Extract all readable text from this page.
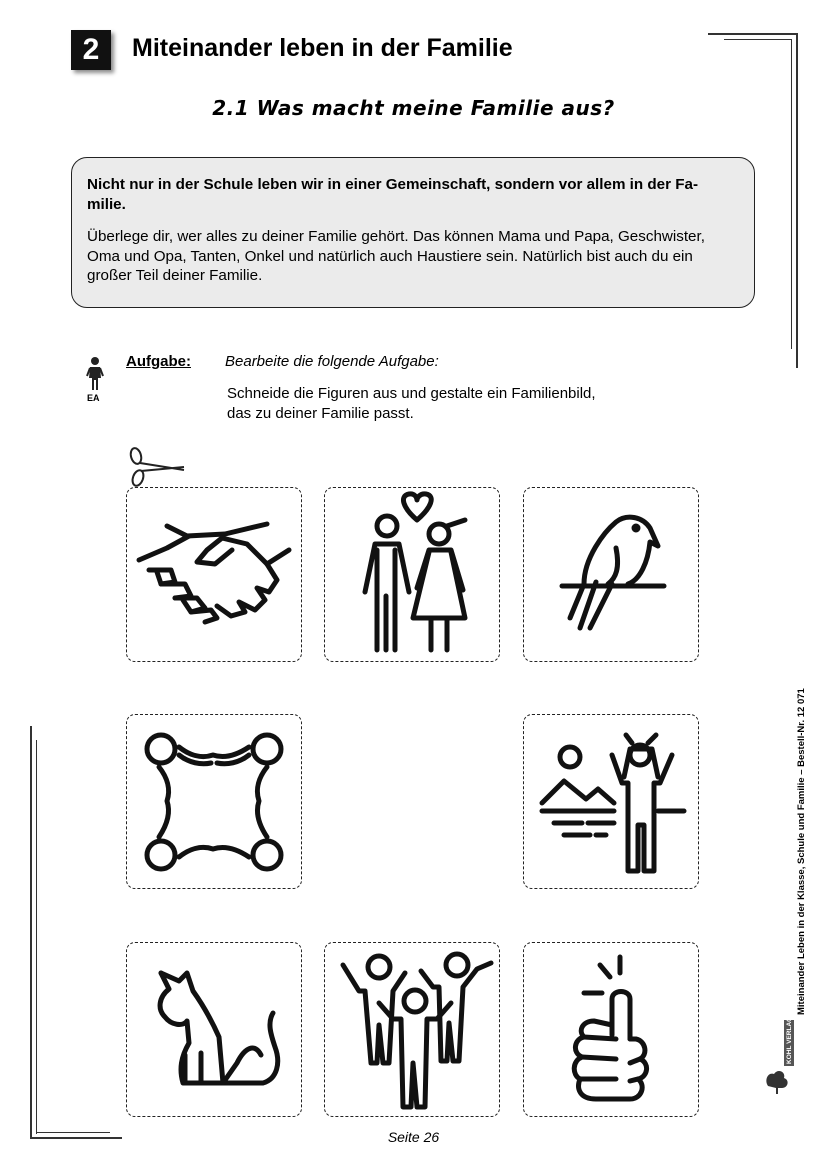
2	Miteinander leben in der Familie
2.1 Was macht meine Familie aus?

Nicht nur in der Schule leben wir in einer Gemeinschaft, sondern vor allem in der Fa-
milie.

Überlege dir, wer alles zu deiner Familie gehört. Das können Mama und Papa, Geschwister, Oma und Opa, Tanten, Onkel und natürlich auch Haustiere sein. Natürlich bist auch du ein großer Teil deiner Familie.

EA
Aufgabe: Bearbeite die folgende Aufgabe:
Schneide die Figuren aus und gestalte ein Familienbild,
das zu deiner Familie passt.
Seite 26
Miteinander Leben in der Klasse, Schule und Familie – Bestell-Nr. 12 071
KOHL VERLAG
